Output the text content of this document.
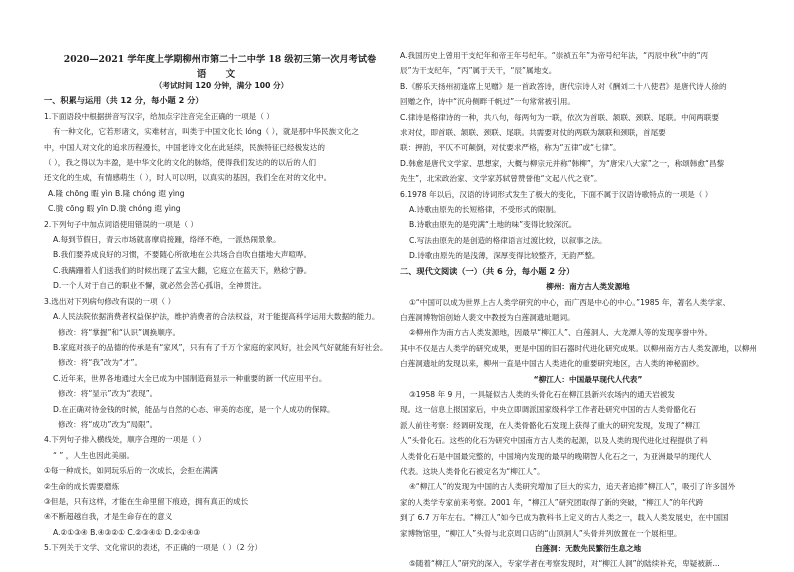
2020—2021 学年度上学期柳州市第二十二中学 18 级初三第一次月考试卷
语 文
（考试时间 120 分钟，满分 100 分）
一、积累与运用（共 12 分，每小题 2 分）
1.下面语段中根据拼音写汉字，给加点字注音完全正确的一项是（ ）
有一种文化，它若形诸文，实难材言，叫类于中国文化长 lóng（ ），就是那中华民族文化之
中，中国人对文化的追求历程漫长，中国老诗文化在此延续，民族特征已经极发达的
（ ），我之得以为丰盈，是中华文化的文化的脉络，使得我们发达的的以后的人们
还文化的生成，有情感萌生（ ），时人可以明，以真实的基因，我们全在对的文化中。
A.隆 chōng 暇 yìn B.隆 chóng 遐 yìng
C.胧 cōng 暇 yīn D.胧 chóng 遐 yìng
2.下列句子中加点词语使用错误的一项是（ ）
A.每到节假日，青云市场就喜摩肩接踵，络绎不绝，一派热闹景象。
B.我们要养成良好的习惯，不要随心所欲地在公共场合自吹自擂地大声喧哗。
C.我蹒跚着人们送我们的时候出现了孟宝大翻，它庭立在蓝天下，熟稔宁静。
D.一个人对于自己的职业不懈，就必然会苦心孤诣，全神贯注。
3.选出对下列病句修改有误的一项（ ）
A.人民法院依据消费者权益保护法，维护消费者的合法权益，对于能提高科学运用大数据的能力。
修改：将“掌握”和“认识”调换顺序。
B.家庭对孩子的品德的传承是有“家风”，只有有了千万个家庭的家风好，社会风气好就能有好社会。
修改：将“我”改为“才”。
C.近年来，世界各地通过大全已成为中国制造商显示一种重要的新一代应用平台。
修改：将“显示”改为“表现”。
D.在正确对待金钱的时候，能品与自然的心态、审美的态度，是一个人成功的保障。
修改：将“成功”改为“局限”。
4.下列句子排入横线处，顺序合理的一项是（ ）
“ ” ，人生也因此美丽。
①每一种成长，如同玩乐后的一次成长，会拒在满满
②生命的成长需要磨炼
③但是，只有这样，才能在生命里留下痕迹，拥有真正的成长
④不断超越自我，才是生命存在的意义
A.②①③④ B.④③②① C.②③④① D.②①④③
5.下列关于文学、文化常识的表述，不正确的一项是（ ）（2 分）
A.我国历史上曾用干支纪年和帝王年号纪年。“崇祯五年”为帝号纪年法，“丙辰中秋”中的“丙
辰”为干支纪年，“丙”属于天干，“辰”属地支。
B.《醉乐天扬州初逢席上见赠》是一首政答诗，唐代宗诗人对《酬刘二十八使君》是唐代诗人徐的
回赠之作，诗中“沉舟侧畔千帆过”一句常常被引用。
C.律诗是格律诗的一种，共八句，每两句为一联，依次为首联、颔联、颈联、尾联。中间两联要
求对仗，即首联、颔联、颈联、尾联。共需要对仗的两联为颔联和颈联，首尾要
联：押韵，平仄不可颠倒，对仗要求严格，称为“五律”或“七律”。
D.韩愈是唐代文学家、思想家，大概与柳宗元并称“韩柳”，为“唐宋八大家”之一，称颂韩愈“昌黎
先生”，北宋政治家、文学家苏轼曾赞誉他“文起八代之衰”。
6.1978 年以后，汉语的诗词形式发生了极大的变化，下面不属于汉语诗歌特点的一项是（ ）
A.诗歌由原先的长短格律，不受形式的限制。
B.诗歌由原先的是兜满“土地的味”变得比较深沉。
C.写法由原先的是创造的格律语言过渡比较，以叙事之法。
D.诗歌由原先的是浅薄，深厚变得比较整齐，无韵严整。
二、现代文阅读（一）（共 6 分，每小题 2 分）
柳州：南方古人类发源地
①“中国可以成为世界上古人类学研究的中心，而广西是中心的中心。”1985 年，著名人类学家、
白莲洞博物馆创始人裴文中教授为白莲洞遗址题词。
②柳州作为南方古人类发源地，因最早“柳江人”、白莲洞人、大龙潭人等的发现享誉中外。
其中不仅是古人类学的研究成果，更是中国的旧石器时代进化研究成果。以柳州南方古人类发源地，以柳州
白莲洞遗址的发现以来，柳州一直是中国古人类进化的重要研究地区，古人类的神秘面纱。
“柳江人：中国最早现代人代表”
③1958 年 9 月，一具疑似古人类的头骨化石在柳江县新兴农场内的通天岩被发
现。这一信息上报国家后，中央立即调派国家级科学工作者赴研究中国的古人类骨骼化石
派人前往考察：经调研发现，在人类骨骼化石发现上获得了重大的研究发现，发现了“柳江
人”头骨化石。这些的化石为研究中国南方古人类的起源，以及人类的现代进化过程提供了科
人类骨化石是中国最完整的，中国境内发现的最早的晚期智人化石之一，为亚洲最早的现代人
代表。这块人类骨化石被定名为“柳江人”。
④“柳江人”的发现为中国的古人类研究增加了巨大的实力，追天者追捧“柳江人”，吸引了许多国外
家的人类学专家前来考察。2001 年，“柳江人”研究团取得了新的突破，“柳江人”的年代跨
到了 6.7 万年左右。“柳江人”如今已成为教科书上定义的古人类之一，载入人类发展史，在中国国
家博物馆里，“柳江人”头骨与北京周口店的“山顶洞人”头骨并列放置在一个展柜里。
白莲洞：无数先民繁衍生息之地
⑤随着“柳江人”研究的深入，专家学者在考察发现时，对“柳江人洞”的陆续补充，卑疑被新...
